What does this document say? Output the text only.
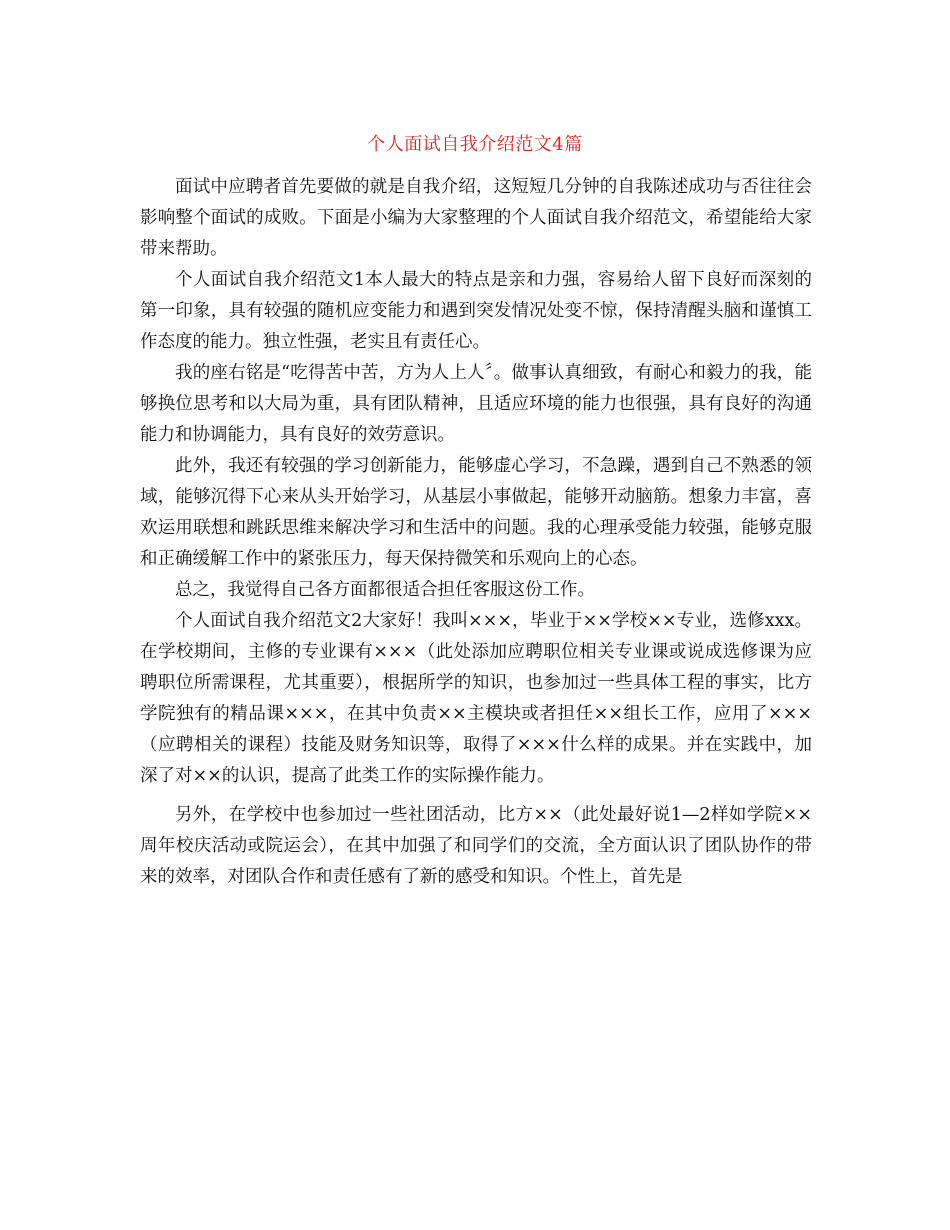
个人面试自我介绍范文4篇

面试中应聘者首先要做的就是自我介绍，这短短几分钟的自我陈述成功与否往往会影响整个面试的成败。下面是小编为大家整理的个人面试自我介绍范文，希望能给大家带来帮助。

个人面试自我介绍范文1本人最大的特点是亲和力强，容易给人留下良好而深刻的第一印象，具有较强的随机应变能力和遇到突发情况处变不惊，保持清醒头脑和谨慎工作态度的能力。独立性强，老实且有责任心。

我的座右铭是“吃得苦中苦，方为人上人〞。做事认真细致，有耐心和毅力的我，能够换位思考和以大局为重，具有团队精神，且适应环境的能力也很强，具有良好的沟通能力和协调能力，具有良好的效劳意识。

此外，我还有较强的学习创新能力，能够虚心学习，不急躁，遇到自己不熟悉的领域，能够沉得下心来从头开始学习，从基层小事做起，能够开动脑筋。想象力丰富，喜欢运用联想和跳跃思维来解决学习和生活中的问题。我的心理承受能力较强，能够克服和正确缓解工作中的紧张压力，每天保持微笑和乐观向上的心态。

总之，我觉得自己各方面都很适合担任客服这份工作。

个人面试自我介绍范文2大家好！我叫×××，毕业于××学校××专业，选修xxx。在学校期间，主修的专业课有×××（此处添加应聘职位相关专业课或说成选修课为应聘职位所需课程，尤其重要），根据所学的知识，也参加过一些具体工程的事实，比方学院独有的精品课×××，在其中负责××主模块或者担任××组长工作，应用了×××（应聘相关的课程）技能及财务知识等，取得了×××什么样的成果。并在实践中，加深了对××的认识，提高了此类工作的实际操作能力。

另外，在学校中也参加过一些社团活动，比方××（此处最好说1—2样如学院××周年校庆活动或院运会），在其中加强了和同学们的交流，全方面认识了团队协作的带来的效率，对团队合作和责任感有了新的感受和知识。个性上，首先是
